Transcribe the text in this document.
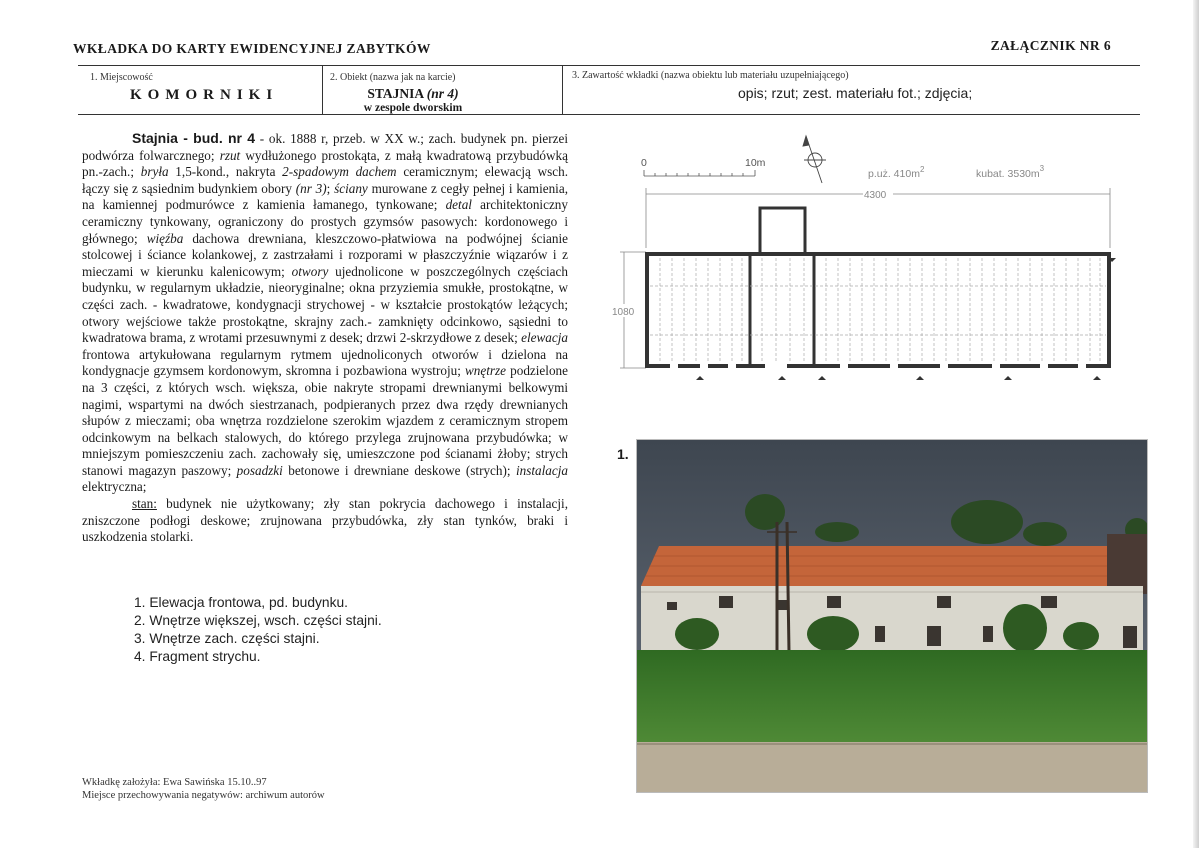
WKŁADKA DO KARTY EWIDENCYJNEJ ZABYTKÓW	ZAŁĄCZNIK NR 6
1. Miejscowość
KOMORNIKI
2. Obiekt (nazwa jak na karcie)
STAJNIA (nr 4)
w zespole dworskim
3. Zawartość wkładki (nazwa obiektu lub materiału uzupełniającego)
opis; rzut; zest. materiału fot.; zdjęcia;
Stajnia - bud. nr 4 - ok. 1888 r, przeb. w XX w.; zach. budynek pn. pierzei podwórza folwarcznego; rzut wydłużonego prostokąta, z małą kwadratową przybudówką pn.-zach.; bryła 1,5-kond., nakryta 2-spadowym dachem ceramicznym; elewacją wsch. łączy się z sąsiednim budynkiem obory (nr 3); ściany murowane z cegły pełnej i kamienia, na kamiennej podmurówce z kamienia łamanego, tynkowane; detal architektoniczny ceramiczny tynkowany, ograniczony do prostych gzymsów pasowych: kordonowego i głównego; więźba dachowa drewniana, kleszczowo-płatwiowa na podwójnej ścianie stolcowej i ściance kolankowej, z zastrzałami i rozporami w płaszczyźnie wiązarów i z mieczami w kierunku kalenicowym; otwory ujednolicone w poszczególnych częściach budynku, w regularnym układzie, nieoryginalne; okna przyziemia smukłe, prostokątne, w części zach. - kwadratowe, kondygnacji strychowej - w kształcie prostokątów leżących; otwory wejściowe także prostokątne, skrajny zach.- zamknięty odcinkowo, sąsiedni to kwadratowa brama, z wrotami przesuwnymi z desek; drzwi 2-skrzydłowe z desek; elewacja frontowa artykułowana regularnym rytmem ujednoliconych otworów i dzielona na kondygnacje gzymsem kordonowym, skromna i pozbawiona wystroju; wnętrze podzielone na 3 części, z których wsch. większa, obie nakryte stropami drewnianymi belkowymi nagimi, wspartymi na dwóch siestrzanach, podpieranych przez dwa rzędy drewnianych słupów z mieczami; oba wnętrza rozdzielone szerokim wjazdem z ceramicznym stropem odcinkowym na belkach stalowych, do którego przylega zrujnowana przybudówka; w mniejszym pomieszczeniu zach. zachowały się, umieszczone pod ścianami żłoby; strych stanowi magazyn paszowy; posadzki betonowe i drewniane deskowe (strych); instalacja elektryczna;
stan: budynek nie użytkowany; zły stan pokrycia dachowego i instalacji, zniszczone podłogi deskowe; zrujnowana przybudówka, zły stan tynków, braki i uszkodzenia stolarki.
1. Elewacja frontowa, pd. budynku.
2. Wnętrze większej, wsch. części stajni.
3. Wnętrze zach. części stajni.
4. Fragment strychu.
Wkładkę założyła: Ewa Sawińska 15.10..97
Miejsce przechowywania negatywów: archiwum autorów
0	10m
p.uż. $410m^2$	kubat. $3530m^3$
4300
1080
1.
